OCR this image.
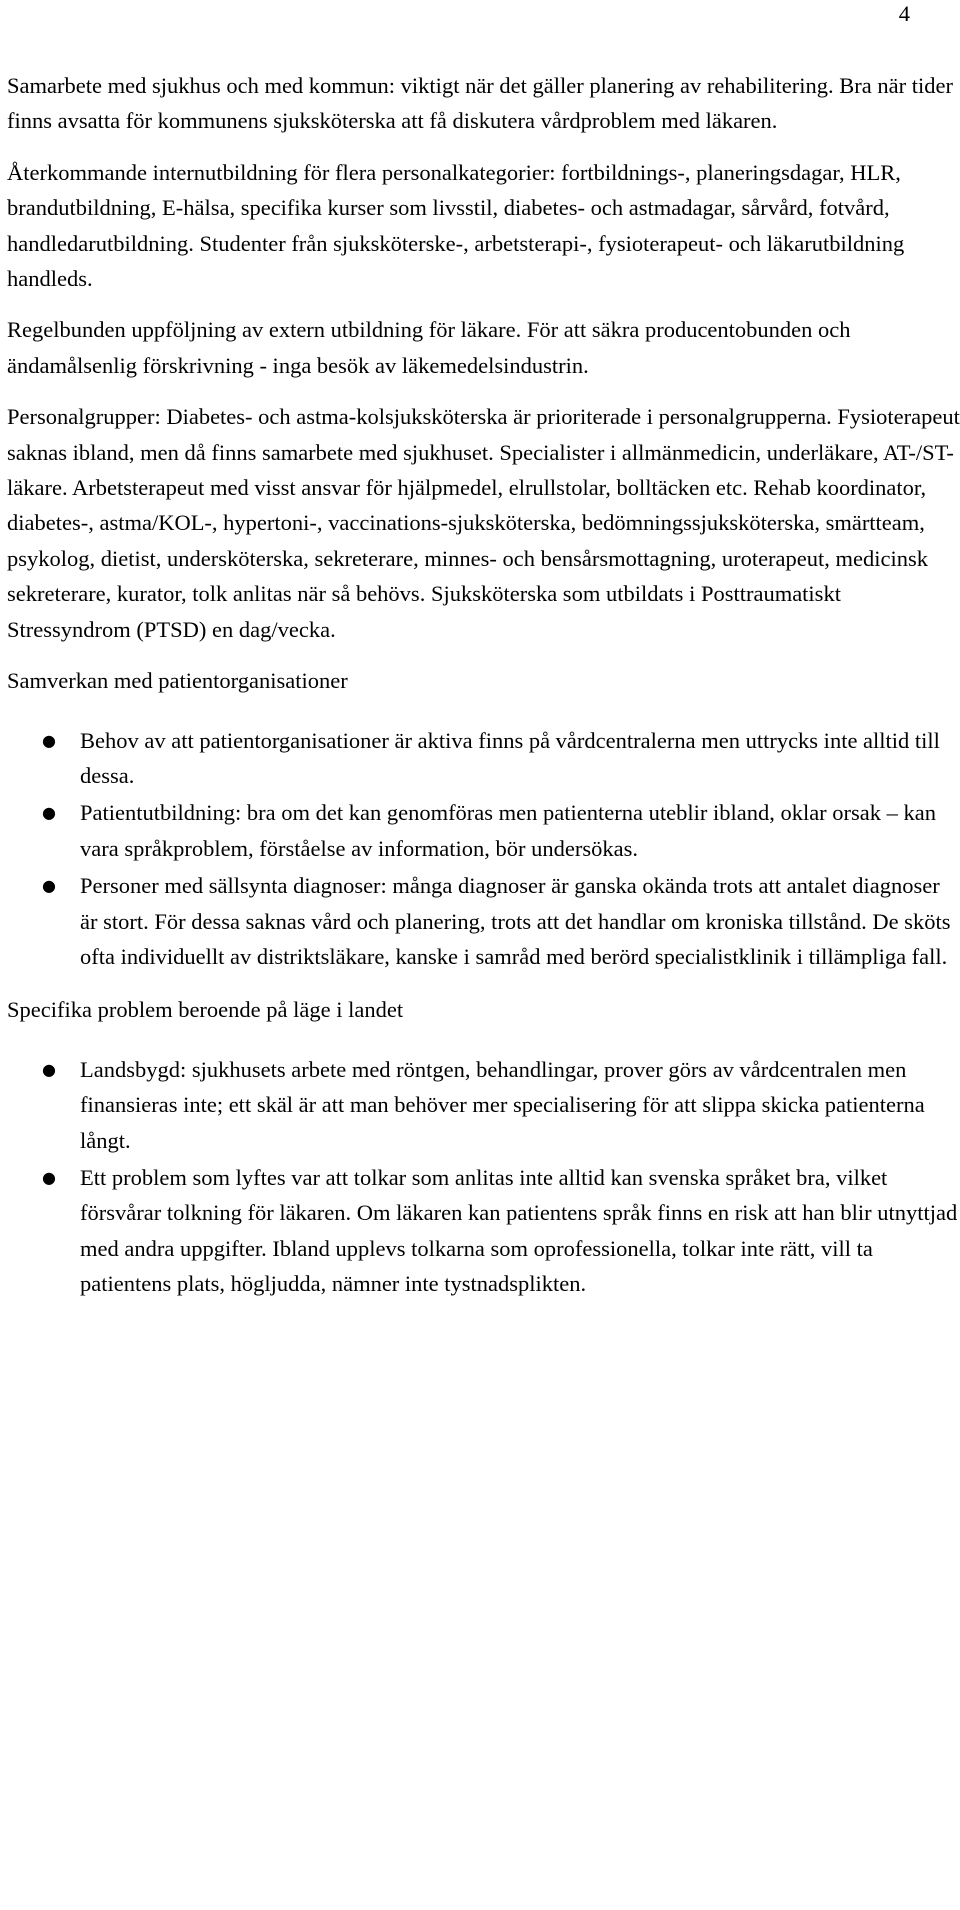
4

Samarbete med sjukhus och med kommun: viktigt när det gäller planering av rehabilitering. Bra när tider finns avsatta för kommunens sjuksköterska att få diskutera vårdproblem med läkaren.

Återkommande internutbildning för flera personalkategorier: fortbildnings-, planeringsdagar, HLR, brandutbildning, E-hälsa, specifika kurser som livsstil, diabetes- och astmadagar, sårvård, fotvård, handledarutbildning. Studenter från sjuksköterske-, arbetsterapi-, fysioterapeut- och läkarutbildning handleds.

Regelbunden uppföljning av extern utbildning för läkare. För att säkra producentobunden och ändamålsenlig förskrivning - inga besök av läkemedelsindustrin.

Personalgrupper: Diabetes- och astma-kolsjuksköterska är prioriterade i personalgrupperna. Fysioterapeut saknas ibland, men då finns samarbete med sjukhuset. Specialister i allmänmedicin, underläkare, AT-/ST-läkare. Arbetsterapeut med visst ansvar för hjälpmedel, elrullstolar, bolltäcken etc. Rehab koordinator, diabetes-, astma/KOL-, hypertoni-, vaccinations-sjuksköterska, bedömningssjuksköterska, smärtteam, psykolog, dietist, undersköterska, sekreterare, minnes- och bensårsmottagning, uroterapeut, medicinsk sekreterare, kurator, tolk anlitas när så behövs. Sjuksköterska som utbildats i Posttraumatiskt Stressyndrom (PTSD) en dag/vecka.

Samverkan med patientorganisationer
●	Behov av att patientorganisationer är aktiva finns på vårdcentralerna men uttrycks inte alltid till dessa.
●	Patientutbildning: bra om det kan genomföras men patienterna uteblir ibland, oklar orsak – kan vara språkproblem, förståelse av information, bör undersökas.
●	Personer med sällsynta diagnoser: många diagnoser är ganska okända trots att antalet diagnoser är stort. För dessa saknas vård och planering, trots att det handlar om kroniska tillstånd. De sköts ofta individuellt av distriktsläkare, kanske i samråd med berörd specialistklinik i tillämpliga fall.
Specifika problem beroende på läge i landet
●	Landsbygd: sjukhusets arbete med röntgen, behandlingar, prover görs av vårdcentralen men finansieras inte; ett skäl är att man behöver mer specialisering för att slippa skicka patienterna långt.
●	Ett problem som lyftes var att tolkar som anlitas inte alltid kan svenska språket bra, vilket försvårar tolkning för läkaren. Om läkaren kan patientens språk finns en risk att han blir utnyttjad med andra uppgifter. Ibland upplevs tolkarna som oprofessionella, tolkar inte rätt, vill ta patientens plats, högljudda, nämner inte tystnadsplikten.
